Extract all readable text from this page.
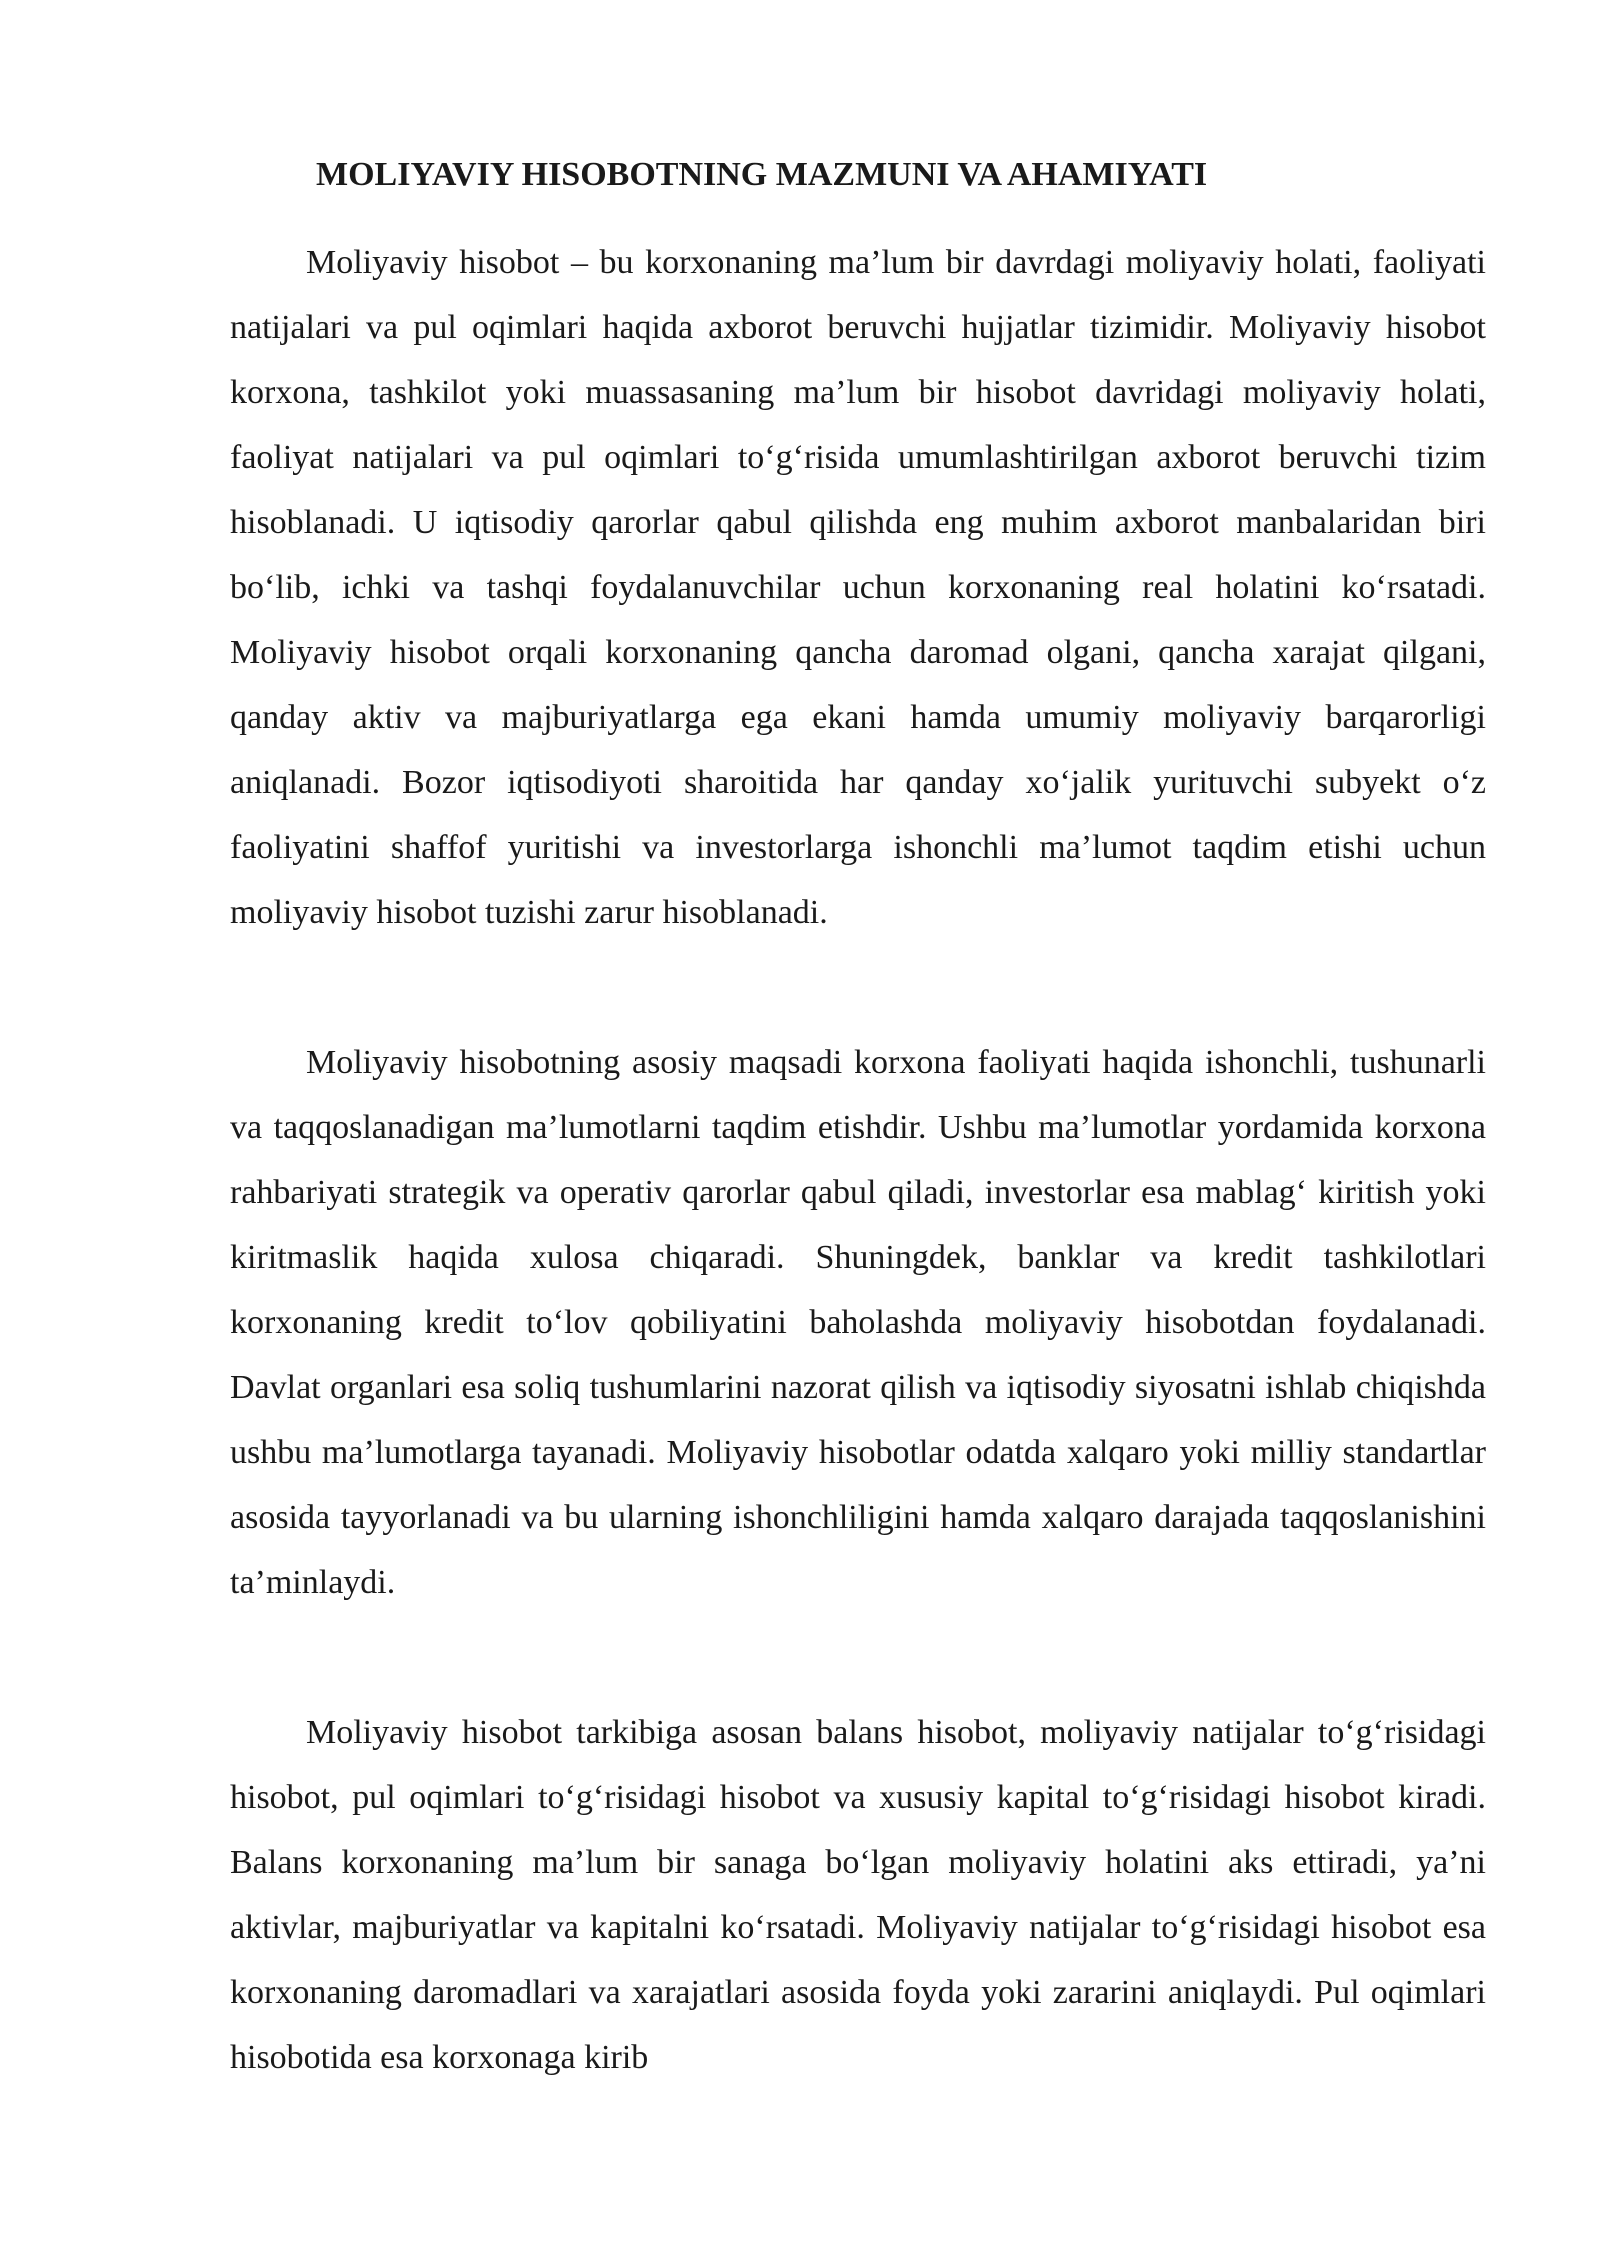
MOLIYAVIY HISOBOTNING MAZMUNI VA AHAMIYATI

Moliyaviy hisobot – bu korxonaning ma’lum bir davrdagi moliyaviy holati, faoliyati natijalari va pul oqimlari haqida axborot beruvchi hujjatlar tizimidir. Moliyaviy hisobot korxona, tashkilot yoki muassasaning ma’lum bir hisobot davridagi moliyaviy holati, faoliyat natijalari va pul oqimlari to‘g‘risida umumlashtirilgan axborot beruvchi tizim hisoblanadi. U iqtisodiy qarorlar qabul qilishda eng muhim axborot manbalaridan biri bo‘lib, ichki va tashqi foydalanuvchilar uchun korxonaning real holatini ko‘rsatadi. Moliyaviy hisobot orqali korxonaning qancha daromad olgani, qancha xarajat qilgani, qanday aktiv va majburiyatlarga ega ekani hamda umumiy moliyaviy barqarorligi aniqlanadi. Bozor iqtisodiyoti sharoitida har qanday xo‘jalik yurituvchi subyekt o‘z faoliyatini shaffof yuritishi va investorlarga ishonchli ma’lumot taqdim etishi uchun moliyaviy hisobot tuzishi zarur hisoblanadi.

Moliyaviy hisobotning asosiy maqsadi korxona faoliyati haqida ishonchli, tushunarli va taqqoslanadigan ma’lumotlarni taqdim etishdir. Ushbu ma’lumotlar yordamida korxona rahbariyati strategik va operativ qarorlar qabul qiladi, investorlar esa mablag‘ kiritish yoki kiritmaslik haqida xulosa chiqaradi. Shuningdek, banklar va kredit tashkilotlari korxonaning kredit to‘lov qobiliyatini baholashda moliyaviy hisobotdan foydalanadi. Davlat organlari esa soliq tushumlarini nazorat qilish va iqtisodiy siyosatni ishlab chiqishda ushbu ma’lumotlarga tayanadi. Moliyaviy hisobotlar odatda xalqaro yoki milliy standartlar asosida tayyorlanadi va bu ularning ishonchliligini hamda xalqaro darajada taqqoslanishini ta’minlaydi.

Moliyaviy hisobot tarkibiga asosan balans hisobot, moliyaviy natijalar to‘g‘risidagi hisobot, pul oqimlari to‘g‘risidagi hisobot va xususiy kapital to‘g‘risidagi hisobot kiradi. Balans korxonaning ma’lum bir sanaga bo‘lgan moliyaviy holatini aks ettiradi, ya’ni aktivlar, majburiyatlar va kapitalni ko‘rsatadi. Moliyaviy natijalar to‘g‘risidagi hisobot esa korxonaning daromadlari va xarajatlari asosida foyda yoki zararini aniqlaydi. Pul oqimlari hisobotida esa korxonaga kirib
